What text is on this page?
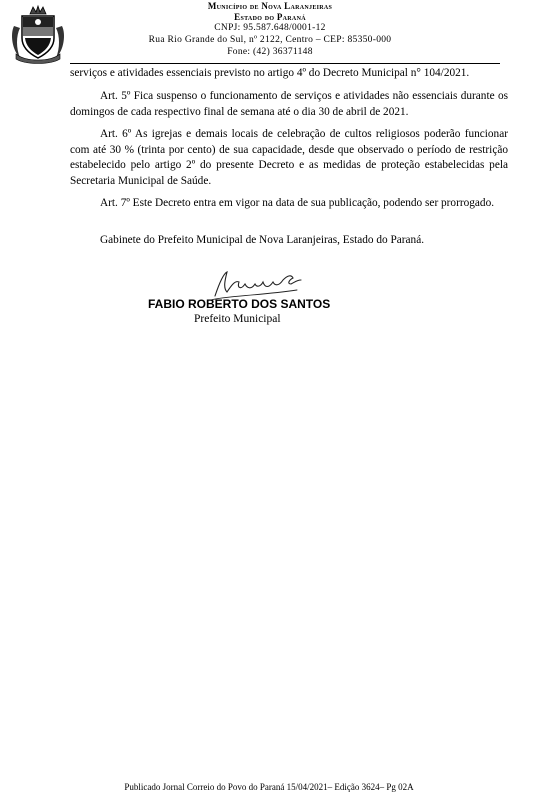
Município de Nova Laranjeiras
Estado do Paraná
CNPJ: 95.587.648/0001-12
Rua Rio Grande do Sul, nº 2122, Centro – CEP: 85350-000
Fone: (42) 36371148
serviços e atividades essenciais previsto no artigo 4º do Decreto Municipal n° 104/2021.
Art. 5º Fica suspenso o funcionamento de serviços e atividades não essenciais durante os domingos de cada respectivo final de semana até o dia 30 de abril de 2021.
Art. 6º As igrejas e demais locais de celebração de cultos religiosos poderão funcionar com até 30 % (trinta por cento) de sua capacidade, desde que observado o período de restrição estabelecido pelo artigo 2º do presente Decreto e as medidas de proteção estabelecidas pela Secretaria Municipal de Saúde.
Art. 7º Este Decreto entra em vigor na data de sua publicação, podendo ser prorrogado.
Gabinete do Prefeito Municipal de Nova Laranjeiras, Estado do Paraná.
FABIO ROBERTO DOS SANTOS
Prefeito Municipal
Publicado Jornal Correio do Povo do Paraná 15/04/2021– Edição 3624– Pg 02A
